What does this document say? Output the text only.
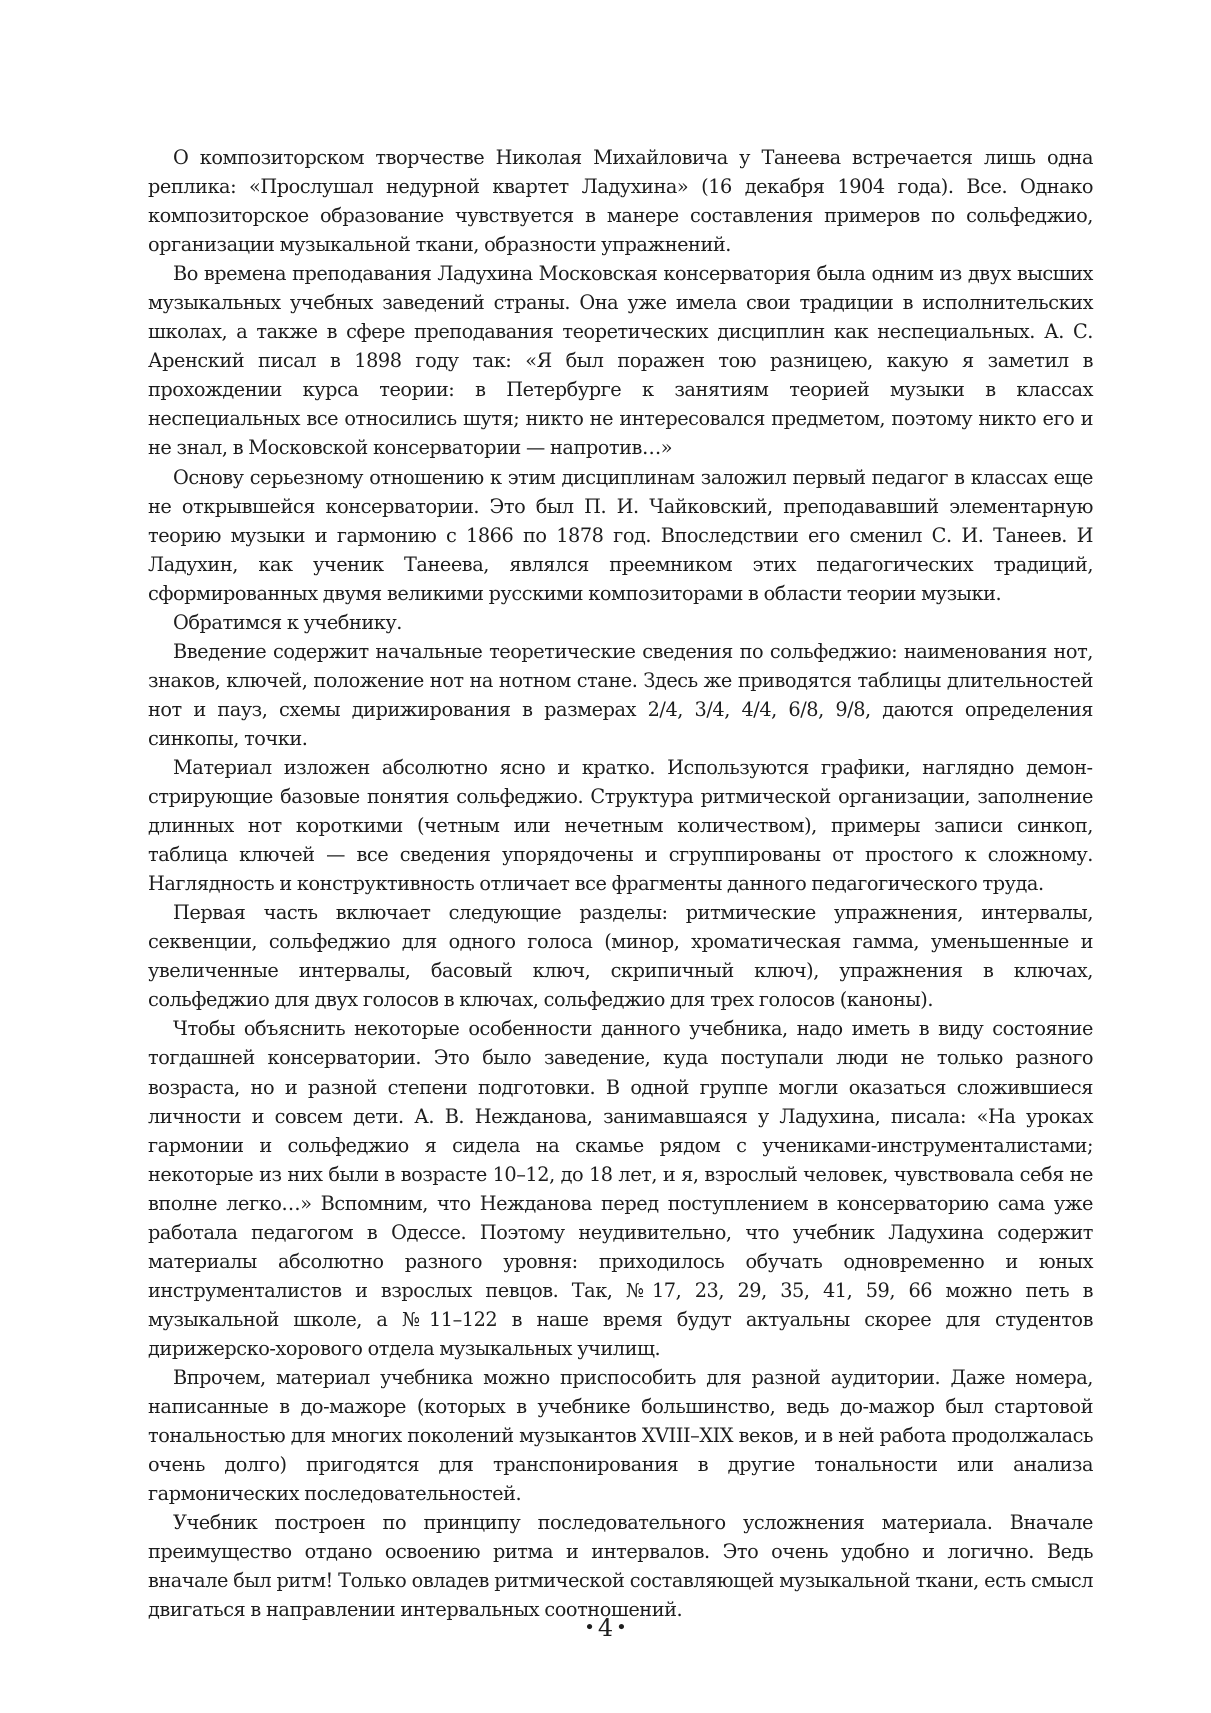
О композиторском творчестве Николая Михайловича у Танеева встречается лишь одна реплика: «Прослушал недурной квартет Ладухина» (16 декабря 1904 года). Все. Однако композиторское образование чувствуется в манере составления примеров по сольфеджио, организации музыкальной ткани, образности упражнений.

Во времена преподавания Ладухина Московская консерватория была одним из двух высших музыкальных учебных заведений страны. Она уже имела свои традиции в исполнительских школах, а также в сфере преподавания теоретических дисциплин как неспециальных. А. С. Аренский писал в 1898 году так: «Я был поражен тою разницею, какую я заметил в прохождении курса теории: в Петербурге к занятиям теорией музыки в классах неспециальных все относились шутя; никто не интересовался предметом, поэтому никто его и не знал, в Московской консерватории — напротив…»

Основу серьезному отношению к этим дисциплинам заложил первый педагог в классах еще не открывшейся консерватории. Это был П. И. Чайковский, преподававший элементарную теорию музыки и гармонию с 1866 по 1878 год. Впоследствии его сменил С. И. Танеев. И Ладухин, как ученик Танеева, являлся преемником этих педагогических традиций, сформированных двумя великими русскими композиторами в области теории музыки.

Обратимся к учебнику.

Введение содержит начальные теоретические сведения по сольфеджио: наименования нот, знаков, ключей, положение нот на нотном стане. Здесь же приводятся таблицы длительностей нот и пауз, схемы дирижирования в размерах 2/4, 3/4, 4/4, 6/8, 9/8, даются определения синкопы, точки.

Материал изложен абсолютно ясно и кратко. Используются графики, наглядно демонстрирующие базовые понятия сольфеджио. Структура ритмической организации, заполнение длинных нот короткими (четным или нечетным количеством), примеры записи синкоп, таблица ключей — все сведения упорядочены и сгруппированы от простого к сложному. Наглядность и конструктивность отличает все фрагменты данного педагогического труда.

Первая часть включает следующие разделы: ритмические упражнения, интервалы, секвенции, сольфеджио для одного голоса (минор, хроматическая гамма, уменьшенные и увеличенные интервалы, басовый ключ, скрипичный ключ), упражнения в ключах, сольфеджио для двух голосов в ключах, сольфеджио для трех голосов (каноны).

Чтобы объяснить некоторые особенности данного учебника, надо иметь в виду состояние тогдашней консерватории. Это было заведение, куда поступали люди не только разного возраста, но и разной степени подготовки. В одной группе могли оказаться сложившиеся личности и совсем дети. А. В. Нежданова, занимавшаяся у Ладухина, писала: «На уроках гармонии и сольфеджио я сидела на скамье рядом с учениками-инструменталистами; некоторые из них были в возрасте 10–12, до 18 лет, и я, взрослый человек, чувствовала себя не вполне легко…» Вспомним, что Нежданова перед поступлением в консерваторию сама уже работала педагогом в Одессе. Поэтому неудивительно, что учебник Ладухина содержит материалы абсолютно разного уровня: приходилось обучать одновременно и юных инструменталистов и взрослых певцов. Так, №17, 23, 29, 35, 41, 59, 66 можно петь в музыкальной школе, а №11–122 в наше время будут актуальны скорее для студентов дирижерско-хорового отдела музыкальных училищ.

Впрочем, материал учебника можно приспособить для разной аудитории. Даже номера, написанные в до-мажоре (которых в учебнике большинство, ведь до-мажор был стартовой тональностью для многих поколений музыкантов XVIII–XIX веков, и в ней работа продолжалась очень долго) пригодятся для транспонирования в другие тональности или анализа гармонических последовательностей.

Учебник построен по принципу последовательного усложнения материала. Вначале преимущество отдано освоению ритма и интервалов. Это очень удобно и логично. Ведь вначале был ритм! Только овладев ритмической составляющей музыкальной ткани, есть смысл двигаться в направлении интервальных соотношений.

• 4 •
